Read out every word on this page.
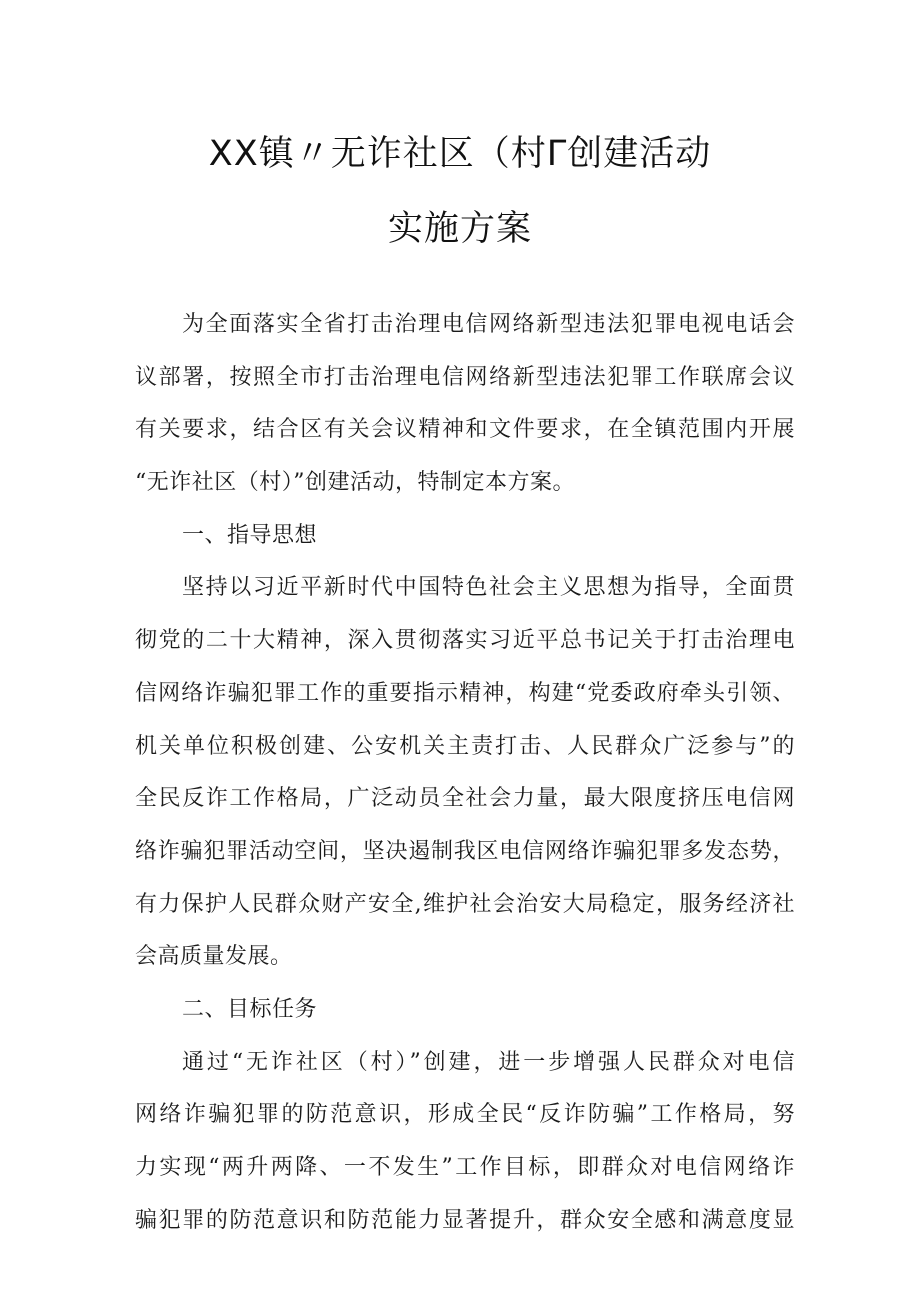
XX镇〃无诈社区（村Γ创建活动
实施方案
为全面落实全省打击治理电信网络新型违法犯罪电视电话会
议部署，按照全市打击治理电信网络新型违法犯罪工作联席会议
有关要求，结合区有关会议精神和文件要求，在全镇范围内开展
“无诈社区（村）”创建活动，特制定本方案。
一、指导思想
坚持以习近平新时代中国特色社会主义思想为指导，全面贯
彻党的二十大精神，深入贯彻落实习近平总书记关于打击治理电
信网络诈骗犯罪工作的重要指示精神，构建“党委政府牵头引领、
机关单位积极创建、公安机关主责打击、人民群众广泛参与”的
全民反诈工作格局，广泛动员全社会力量，最大限度挤压电信网
络诈骗犯罪活动空间，坚决遏制我区电信网络诈骗犯罪多发态势，
有力保护人民群众财产安全,维护社会治安大局稳定，服务经济社
会高质量发展。
二、目标任务
通过“无诈社区（村）”创建，进一步增强人民群众对电信
网络诈骗犯罪的防范意识，形成全民“反诈防骗”工作格局，努
力实现“两升两降、一不发生”工作目标，即群众对电信网络诈
骗犯罪的防范意识和防范能力显著提升，群众安全感和满意度显
